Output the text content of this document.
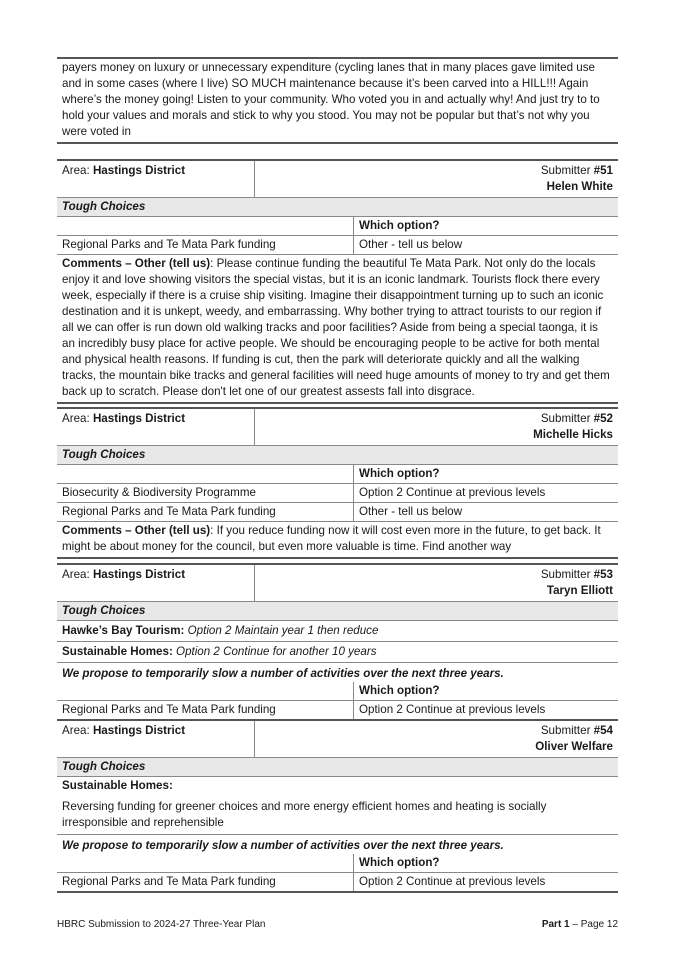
payers money on luxury or unnecessary expenditure (cycling lanes that in many places gave limited use and in some cases (where I live) SO MUCH maintenance because it’s been carved into a HILL!!! Again where’s the money going! Listen to your community. Who voted you in and actually why! And just try to to hold your values and morals and stick to why you stood. You may not be popular but that’s not why you were voted in
Area: Hastings District	Submitter #51
Helen White
Tough Choices
Which option?
Regional Parks and Te Mata Park funding	Other - tell us below
Comments – Other (tell us): Please continue funding the beautiful Te Mata Park. Not only do the locals enjoy it and love showing visitors the special vistas, but it is an iconic landmark. Tourists flock there every week, especially if there is a cruise ship visiting. Imagine their disappointment turning up to such an iconic destination and it is unkept, weedy, and embarrassing. Why bother trying to attract tourists to our region if all we can offer is run down old walking tracks and poor facilities? Aside from being a special taonga, it is an incredibly busy place for active people. We should be encouraging people to be active for both mental and physical health reasons. If funding is cut, then the park will deteriorate quickly and all the walking tracks, the mountain bike tracks and general facilities will need huge amounts of money to try and get them back up to scratch. Please don't let one of our greatest assests fall into disgrace.
Area: Hastings District	Submitter #52
Michelle Hicks
Tough Choices
Which option?
Biosecurity & Biodiversity Programme	Option 2 Continue at previous levels
Regional Parks and Te Mata Park funding	Other - tell us below
Comments – Other (tell us): If you reduce funding now it will cost even more in the future, to get back. It might be about money for the council, but even more valuable is time. Find another way
Area: Hastings District	Submitter #53
Taryn Elliott
Tough Choices
Hawke’s Bay Tourism: Option 2 Maintain year 1 then reduce
Sustainable Homes: Option 2 Continue for another 10 years
We propose to temporarily slow a number of activities over the next three years.
Which option?
Regional Parks and Te Mata Park funding	Option 2 Continue at previous levels
Area: Hastings District	Submitter #54
Oliver Welfare
Tough Choices
Sustainable Homes:
Reversing funding for greener choices and more energy efficient homes and heating is socially irresponsible and reprehensible
We propose to temporarily slow a number of activities over the next three years.
Which option?
Regional Parks and Te Mata Park funding	Option 2 Continue at previous levels
HBRC Submission to 2024-27 Three-Year Plan	Part 1 – Page 12
